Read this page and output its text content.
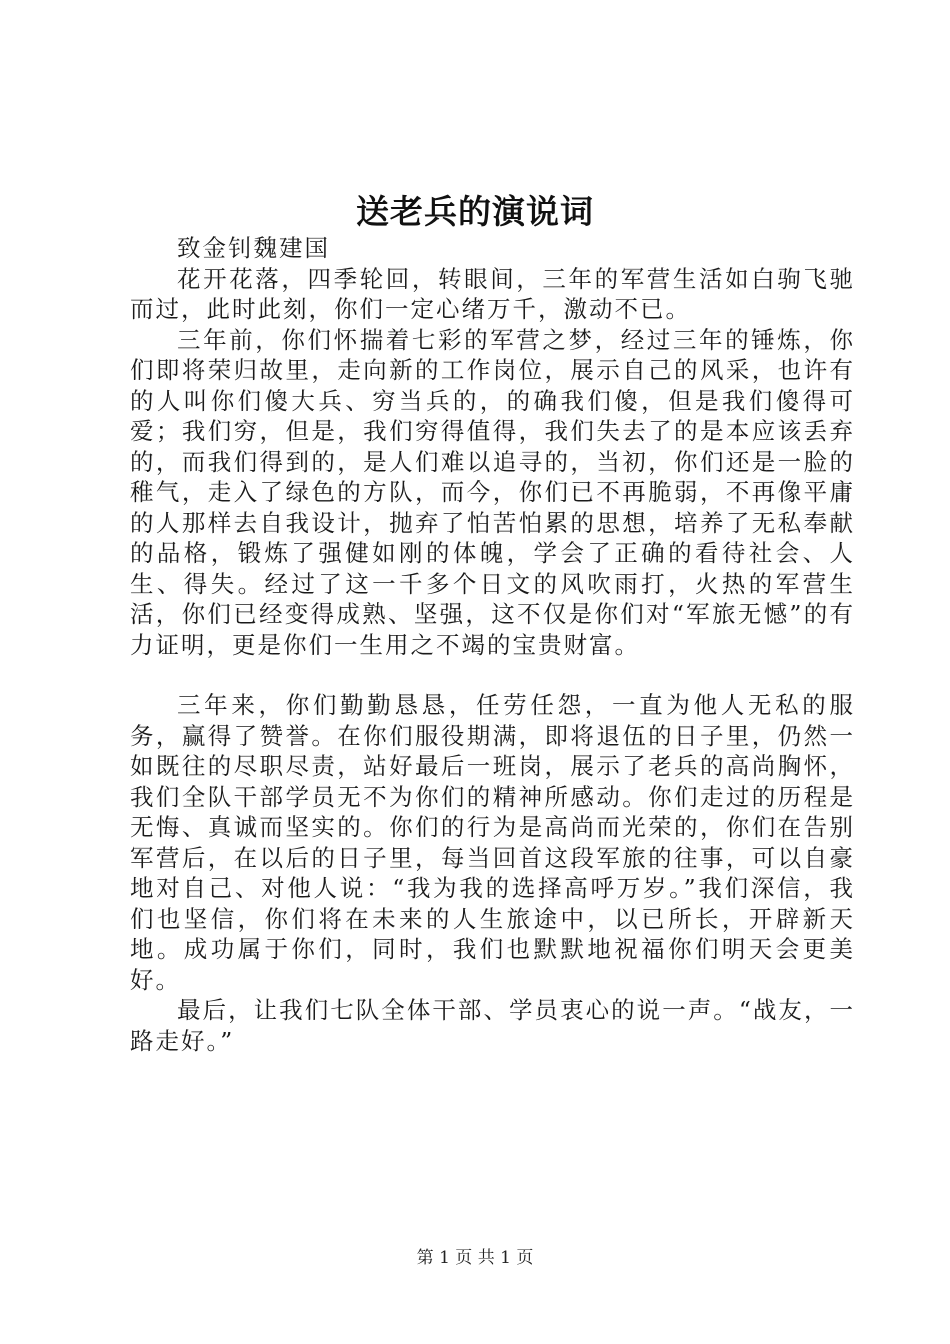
送老兵的演说词

致金钊魏建国

花开花落，四季轮回，转眼间，三年的军营生活如白驹飞驰而过，此时此刻，你们一定心绪万千，激动不已。

三年前，你们怀揣着七彩的军营之梦，经过三年的锤炼，你们即将荣归故里，走向新的工作岗位，展示自己的风采，也许有的人叫你们傻大兵、穷当兵的，的确我们傻，但是我们傻得可爱；我们穷，但是，我们穷得值得，我们失去了的是本应该丢弃的，而我们得到的，是人们难以追寻的，当初，你们还是一脸的稚气，走入了绿色的方队，而今，你们已不再脆弱，不再像平庸的人那样去自我设计，抛弃了怕苦怕累的思想，培养了无私奉献的品格，锻炼了强健如刚的体魄，学会了正确的看待社会、人生、得失。经过了这一千多个日文的风吹雨打，火热的军营生活，你们已经变得成熟、坚强，这不仅是你们对“军旅无憾”的有力证明，更是你们一生用之不竭的宝贵财富。

三年来，你们勤勤恳恳，任劳任怨，一直为他人无私的服务，赢得了赞誉。在你们服役期满，即将退伍的日子里，仍然一如既往的尽职尽责，站好最后一班岗，展示了老兵的高尚胸怀，我们全队干部学员无不为你们的精神所感动。你们走过的历程是无悔、真诚而坚实的。你们的行为是高尚而光荣的，你们在告别军营后，在以后的日子里，每当回首这段军旅的往事，可以自豪地对自己、对他人说：“我为我的选择高呼万岁。”我们深信，我们也坚信，你们将在未来的人生旅途中，以已所长，开辟新天地。成功属于你们，同时，我们也默默地祝福你们明天会更美好。

最后，让我们七队全体干部、学员衷心的说一声。“战友，一路走好。”

第 1 页 共 1 页
